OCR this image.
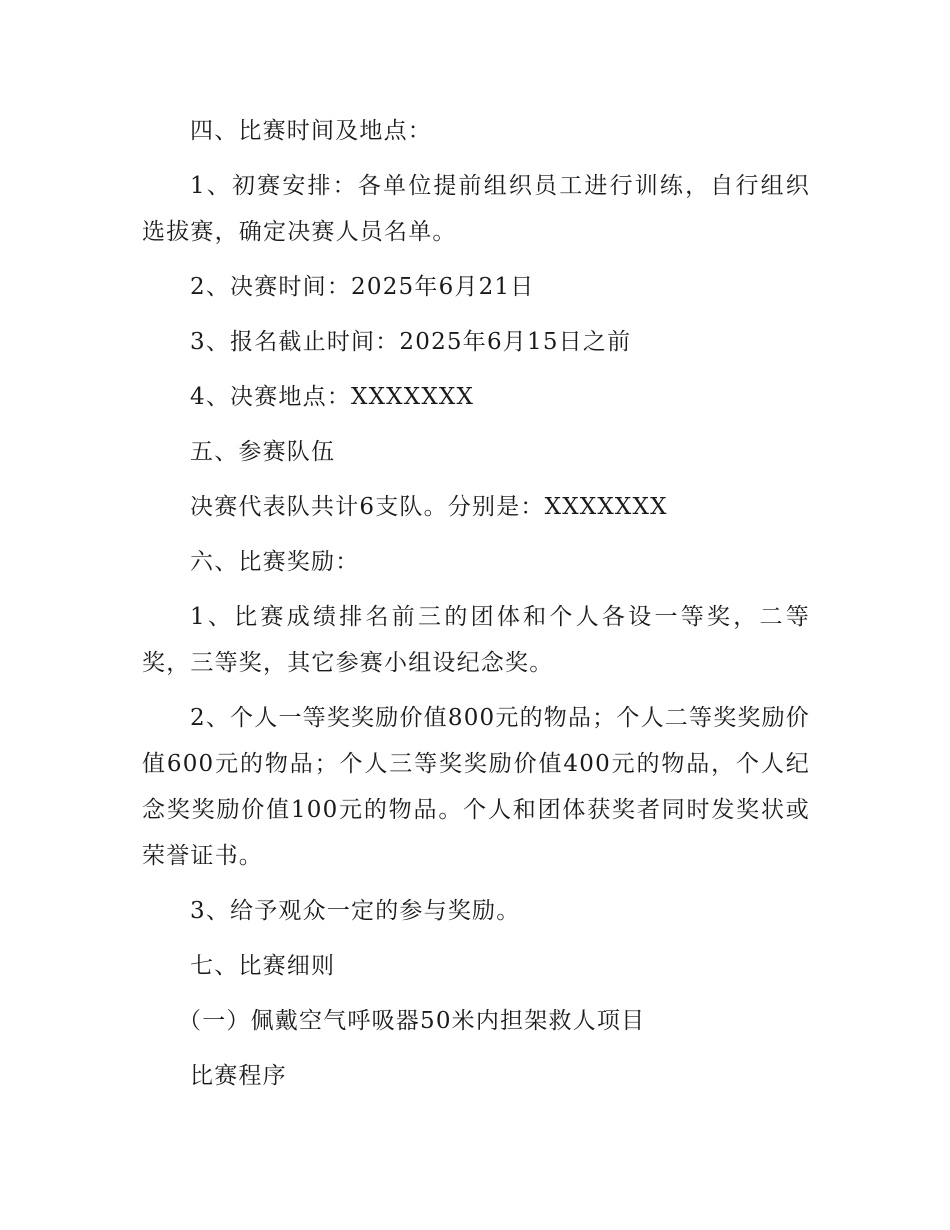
四、比赛时间及地点：

1、初赛安排：各单位提前组织员工进行训练，自行组织选拔赛，确定决赛人员名单。

2、决赛时间：2025年6月21日

3、报名截止时间：2025年6月15日之前

4、决赛地点：XXXXXXX

五、参赛队伍

决赛代表队共计6支队。分别是：XXXXXXX

六、比赛奖励：

1、比赛成绩排名前三的团体和个人各设一等奖，二等奖，三等奖，其它参赛小组设纪念奖。

2、个人一等奖奖励价值800元的物品；个人二等奖奖励价值600元的物品；个人三等奖奖励价值400元的物品，个人纪念奖奖励价值100元的物品。个人和团体获奖者同时发奖状或荣誉证书。

3、给予观众一定的参与奖励。

七、比赛细则

（一）佩戴空气呼吸器50米内担架救人项目

比赛程序
